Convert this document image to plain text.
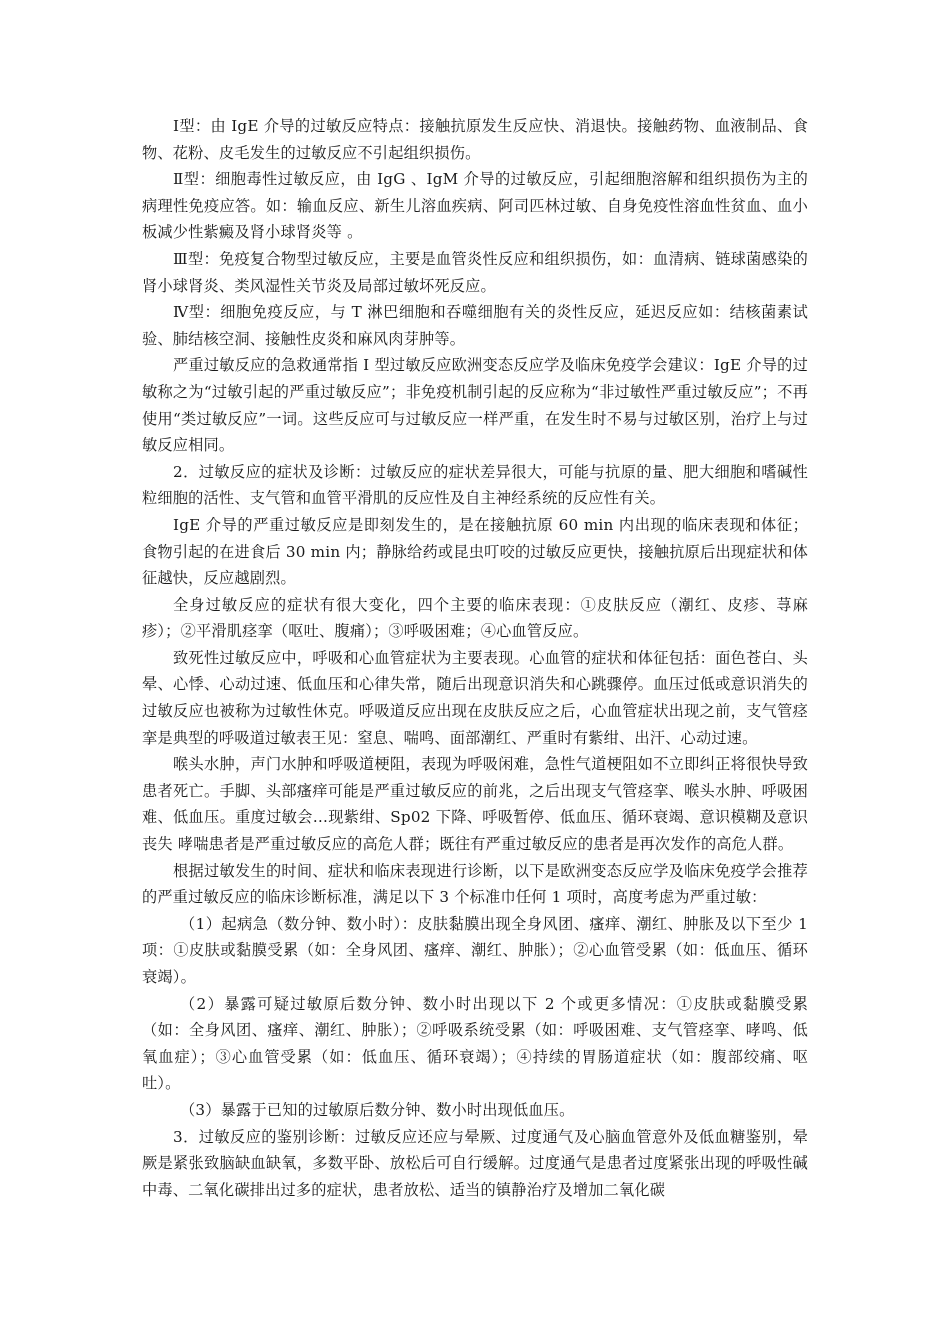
Ⅰ型：由 IgE 介导的过敏反应特点：接触抗原发生反应快、消退快。接触药物、血液制品、食物、花粉、皮毛发生的过敏反应不引起组织损伤。

Ⅱ型：细胞毒性过敏反应，由 IgG 、IgM 介导的过敏反应，引起细胞溶解和组织损伤为主的病理性免疫应答。如：输血反应、新生儿溶血疾病、阿司匹林过敏、自身免疫性溶血性贫血、血小板减少性紫癜及肾小球肾炎等 。

Ⅲ型：免疫复合物型过敏反应，主要是血管炎性反应和组织损伤，如：血清病、链球菌感染的肾小球肾炎、类风湿性关节炎及局部过敏坏死反应。

Ⅳ型：细胞免疫反应，与 T 淋巴细胞和吞噬细胞有关的炎性反应，延迟反应如：结核菌素试验、肺结核空洞、接触性皮炎和麻风肉芽肿等。

严重过敏反应的急救通常指 Ⅰ 型过敏反应欧洲变态反应学及临床免疫学会建议：IgE 介导的过敏称之为“过敏引起的严重过敏反应”；非免疫机制引起的反应称为“非过敏性严重过敏反应”；不再使用“类过敏反应”一词。这些反应可与过敏反应一样严重，在发生时不易与过敏区别，治疗上与过敏反应相同。

2．过敏反应的症状及诊断：过敏反应的症状差异很大，可能与抗原的量、肥大细胞和嗜碱性粒细胞的活性、支气管和血管平滑肌的反应性及自主神经系统的反应性有关。

IgE 介导的严重过敏反应是即刻发生的，是在接触抗原 60 min 内出现的临床表现和体征；食物引起的在进食后 30 min 内；静脉给药或昆虫叮咬的过敏反应更快，接触抗原后出现症状和体征越快，反应越剧烈。

全身过敏反应的症状有很大变化，四个主要的临床表现：①皮肤反应（潮红、皮疹、荨麻疹）；②平滑肌痉挛（呕吐、腹痛）；③呼吸困难；④心血管反应。

致死性过敏反应中，呼吸和心血管症状为主要表现。心血管的症状和体征包括：面色苍白、头晕、心悸、心动过速、低血压和心律失常，随后出现意识消失和心跳骤停。血压过低或意识消失的过敏反应也被称为过敏性休克。呼吸道反应出现在皮肤反应之后，心血管症状出现之前，支气管痉挛是典型的呼吸道过敏表王见：窒息、喘鸣、面部潮红、严重时有紫绀、出汗、心动过速。

喉头水肿，声门水肿和呼吸道梗阻，表现为呼吸闲难，急性气道梗阻如不立即纠正将很快导致患者死亡。手脚、头部瘙痒可能是严重过敏反应的前兆，之后出现支气管痉挛、喉头水肿、呼吸困难、低血压。重度过敏会…现紫绀、Sp02 下降、呼吸暂停、低血压、循环衰竭、意识模糊及意识丧失 哮喘患者是严重过敏反应的高危人群；既往有严重过敏反应的患者是再次发作的高危人群。

根据过敏发生的时间、症状和临床表现进行诊断，以下是欧洲变态反应学及临床免疫学会推荐的严重过敏反应的临床诊断标准，满足以下 3 个标准巾任何 1 项时，高度考虑为严重过敏：

（1）起病急（数分钟、数小时）：皮肤黏膜出现全身风团、瘙痒、潮红、肿胀及以下至少 1 项：①皮肤或黏膜受累（如：全身风团、瘙痒、潮红、肿胀）；②心血管受累（如：低血压、循环衰竭）。

（2）暴露可疑过敏原后数分钟、数小时出现以下 2 个或更多情况：①皮肤或黏膜受累（如：全身风团、瘙痒、潮红、肿胀）；②呼吸系统受累（如：呼吸困难、支气管痉挛、哮鸣、低氧血症）；③心血管受累（如：低血压、循环衰竭）；④持续的胃肠道症状（如：腹部绞痛、呕吐）。

（3）暴露于已知的过敏原后数分钟、数小时出现低血压。

3．过敏反应的鉴别诊断：过敏反应还应与晕厥、过度通气及心脑血管意外及低血糖鉴别，晕厥是紧张致脑缺血缺氧，多数平卧、放松后可自行缓解。过度通气是患者过度紧张出现的呼吸性碱中毒、二氧化碳排出过多的症状，患者放松、适当的镇静治疗及增加二氧化碳
